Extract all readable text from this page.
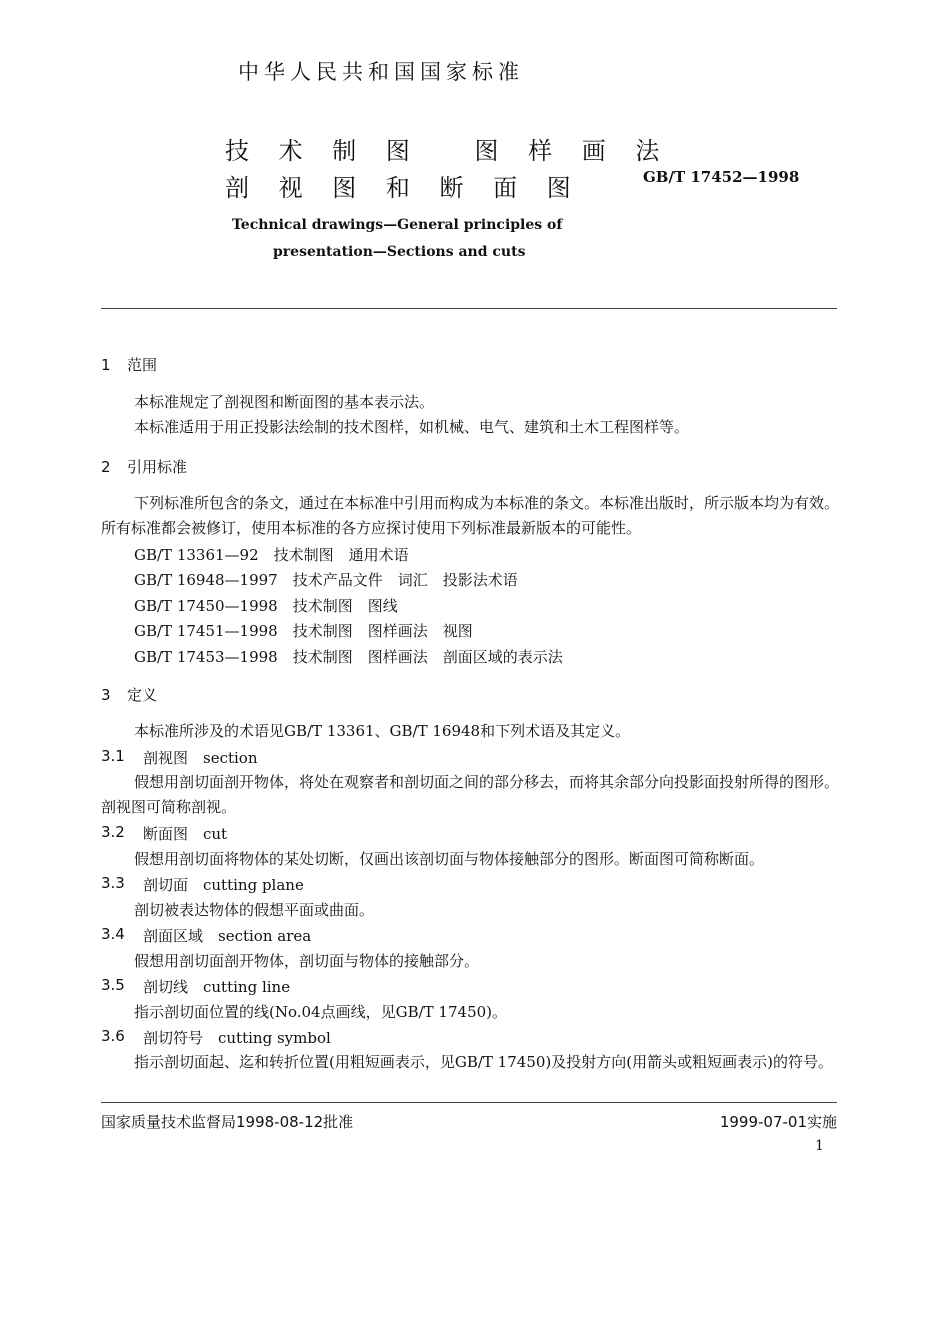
中华人民共和国国家标准
技 术 制 图　 图 样 画 法
剖 视 图 和 断 面 图	GB/T 17452—1998
Technical drawings—General principles of
presentation—Sections and cuts
1 范围
本标准规定了剖视图和断面图的基本表示法。
本标准适用于用正投影法绘制的技术图样，如机械、电气、建筑和土木工程图样等。
2 引用标准
下列标准所包含的条文，通过在本标准中引用而构成为本标准的条文。本标准出版时，所示版本均为有效。所有标准都会被修订，使用本标准的各方应探讨使用下列标准最新版本的可能性。
GB/T 13361—92　技术制图　通用术语
GB/T 16948—1997　技术产品文件　词汇　投影法术语
GB/T 17450—1998　技术制图　图线
GB/T 17451—1998　技术制图　图样画法　视图
GB/T 17453—1998　技术制图　图样画法　剖面区域的表示法
3 定义
本标准所涉及的术语见GB/T 13361、GB/T 16948和下列术语及其定义。
3.1 剖视图　section
假想用剖切面剖开物体，将处在观察者和剖切面之间的部分移去，而将其余部分向投影面投射所得的图形。剖视图可简称剖视。
3.2 断面图　cut
假想用剖切面将物体的某处切断，仅画出该剖切面与物体接触部分的图形。断面图可简称断面。
3.3 剖切面　cutting plane
剖切被表达物体的假想平面或曲面。
3.4 剖面区域　section area
假想用剖切面剖开物体，剖切面与物体的接触部分。
3.5 剖切线　cutting line
指示剖切面位置的线(No.04点画线，见GB/T 17450)。
3.6 剖切符号　cutting symbol
指示剖切面起、迄和转折位置(用粗短画表示，见GB/T 17450)及投射方向(用箭头或粗短画表示)的符号。
国家质量技术监督局1998-08-12批准	1999-07-01实施
1
